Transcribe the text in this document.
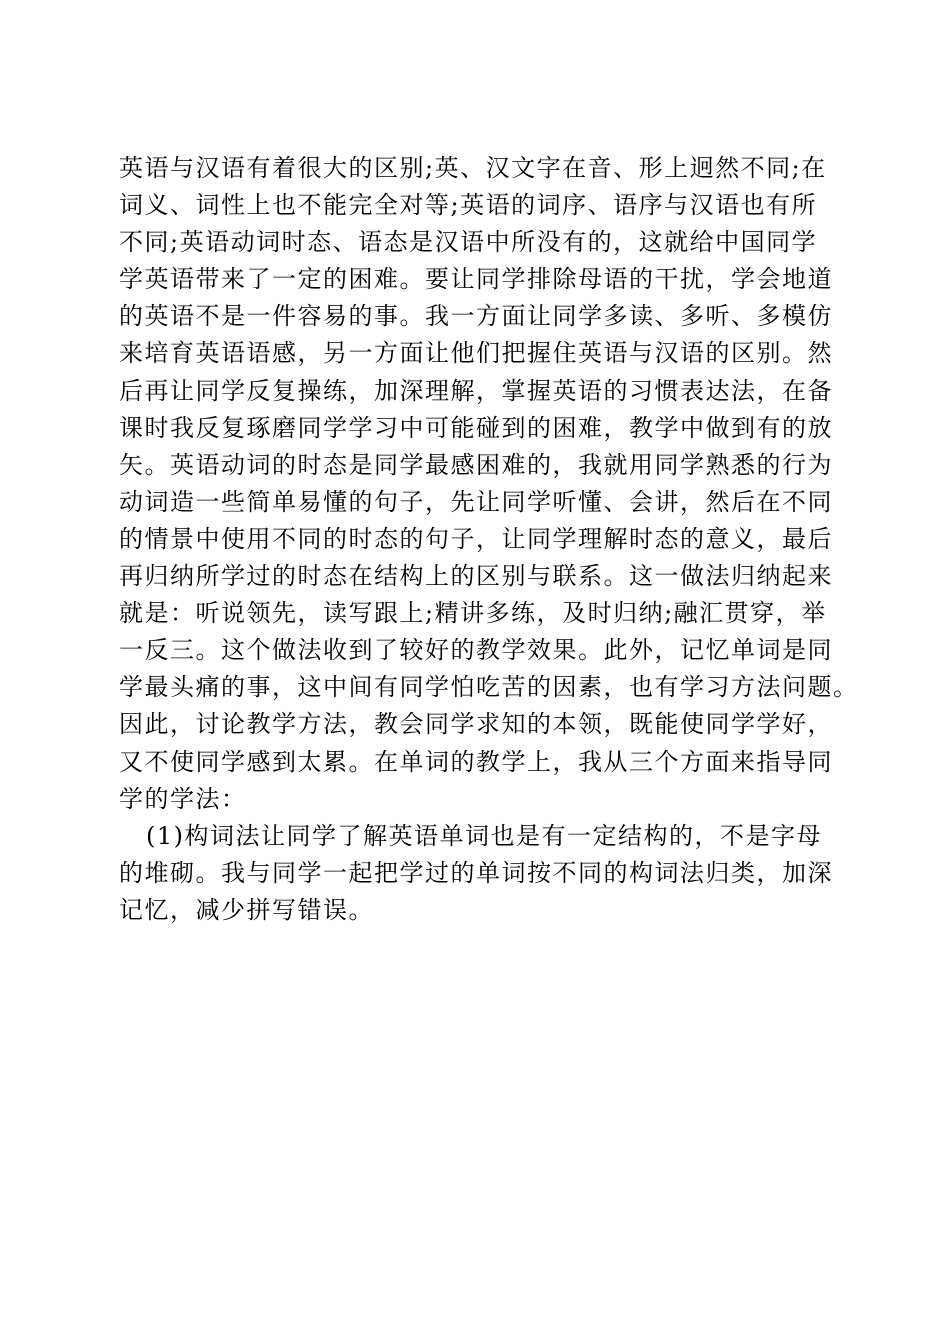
英语与汉语有着很大的区别;英、汉文字在音、形上迥然不同;在
词义、词性上也不能完全对等;英语的词序、语序与汉语也有所
不同;英语动词时态、语态是汉语中所没有的，这就给中国同学
学英语带来了一定的困难。要让同学排除母语的干扰，学会地道
的英语不是一件容易的事。我一方面让同学多读、多听、多模仿
来培育英语语感，另一方面让他们把握住英语与汉语的区别。然
后再让同学反复操练，加深理解，掌握英语的习惯表达法，在备
课时我反复琢磨同学学习中可能碰到的困难，教学中做到有的放
矢。英语动词的时态是同学最感困难的，我就用同学熟悉的行为
动词造一些简单易懂的句子，先让同学听懂、会讲，然后在不同
的情景中使用不同的时态的句子，让同学理解时态的意义，最后
再归纳所学过的时态在结构上的区别与联系。这一做法归纳起来
就是：听说领先，读写跟上;精讲多练，及时归纳;融汇贯穿，举
一反三。这个做法收到了较好的教学效果。此外，记忆单词是同
学最头痛的事，这中间有同学怕吃苦的因素，也有学习方法问题。
因此，讨论教学方法，教会同学求知的本领，既能使同学学好，
又不使同学感到太累。在单词的教学上，我从三个方面来指导同
学的学法：
(1)构词法让同学了解英语单词也是有一定结构的，不是字母
的堆砌。我与同学一起把学过的单词按不同的构词法归类，加深
记忆，减少拼写错误。
